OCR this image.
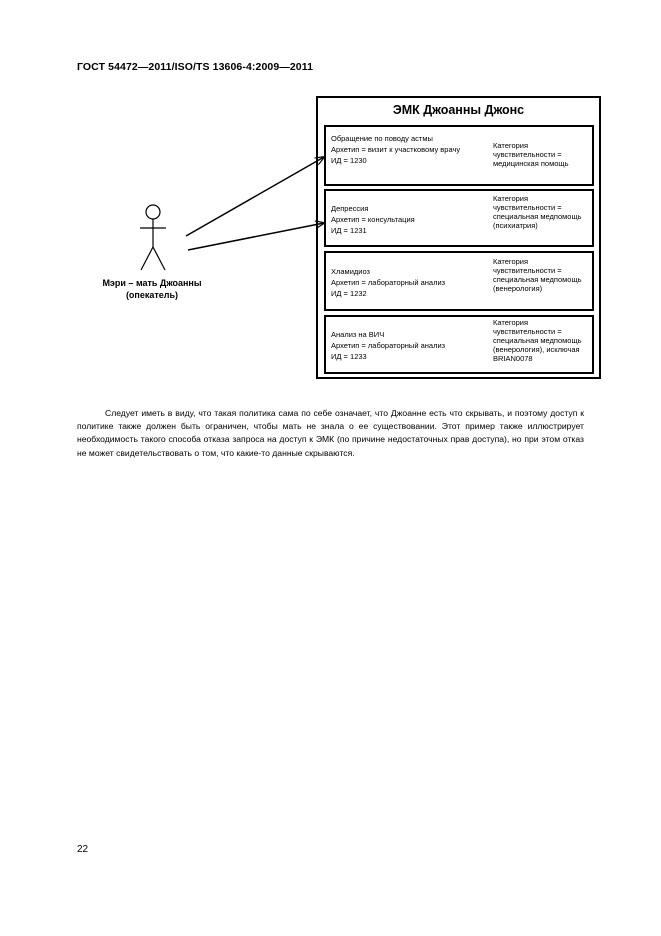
ГОСТ 54472—2011/ISO/TS 13606-4:2009—2011
Мэри – мать Джоанны
(опекатель)
ЭМК Джоанны Джонс
Обращение по поводу астмы
Архетип = визит к участковому врачу
ИД = 1230
Категория чувствительности = медицинская помощь
Депрессия
Архетип = консультация
ИД = 1231
Категория чувствительности = специальная медпомощь (психиатрия)
Хламидиоз
Архетип = лабораторный анализ
ИД = 1232
Категория чувствительности = специальная медпомощь (венерология)
Анализ на ВИЧ
Архетип = лабораторный анализ
ИД = 1233
Категория чувствительности = специальная медпомощь (венерология), исключая BRIAN0078

Следует иметь в виду, что такая политика сама по себе означает, что Джоанне есть что скрывать, и поэтому доступ к политике также должен быть ограничен, чтобы мать не знала о ее существовании. Этот пример также иллюстрирует необходимость такого способа отказа запроса на доступ к ЭМК (по причине недостаточных прав доступа), но при этом отказ не может свидетельствовать о том, что какие-то данные скрываются.

22
